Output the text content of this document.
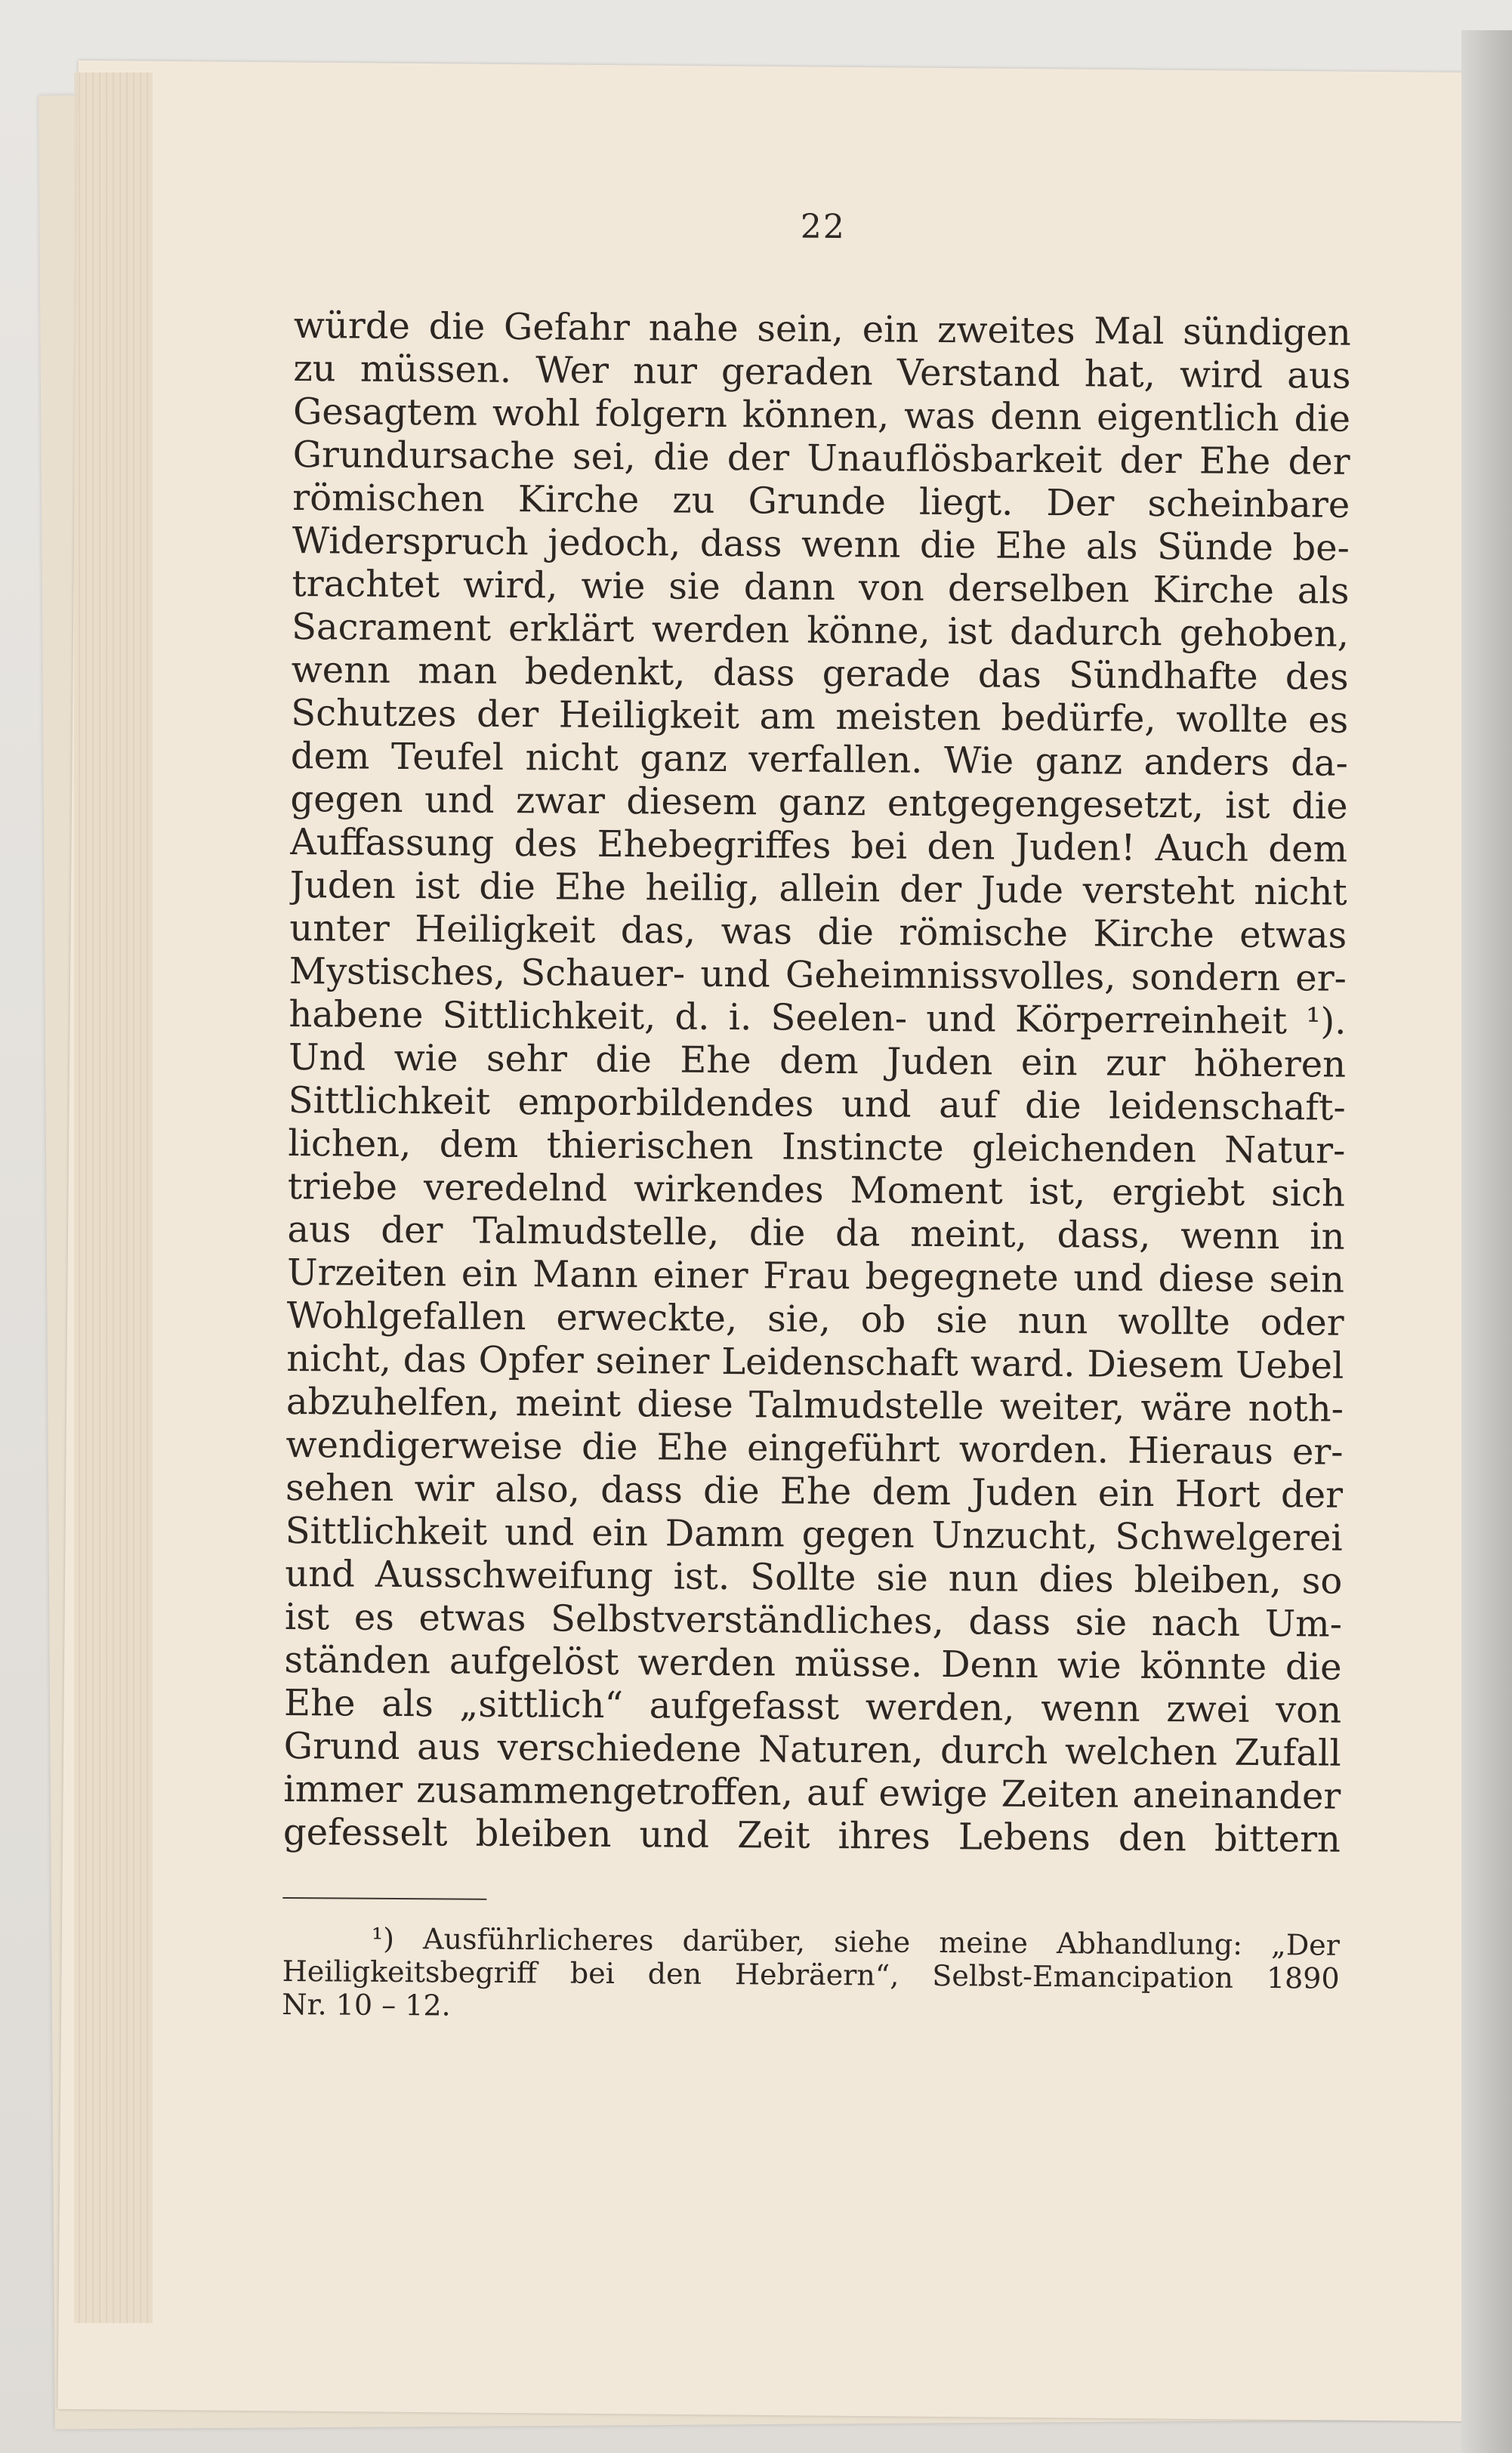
22
würde die Gefahr nahe sein, ein zweites Mal sündigen
zu müssen. Wer nur geraden Verstand hat, wird aus
Gesagtem wohl folgern können, was denn eigentlich die
Grundursache sei, die der Unauflösbarkeit der Ehe der
römischen Kirche zu Grunde liegt. Der scheinbare
Widerspruch jedoch, dass wenn die Ehe als Sünde be-
trachtet wird, wie sie dann von derselben Kirche als
Sacrament erklärt werden könne, ist dadurch gehoben,
wenn man bedenkt, dass gerade das Sündhafte des
Schutzes der Heiligkeit am meisten bedürfe, wollte es
dem Teufel nicht ganz verfallen. Wie ganz anders da-
gegen und zwar diesem ganz entgegengesetzt, ist die
Auffassung des Ehebegriffes bei den Juden! Auch dem
Juden ist die Ehe heilig, allein der Jude versteht nicht
unter Heiligkeit das, was die römische Kirche etwas
Mystisches, Schauer- und Geheimnissvolles, sondern er-
habene Sittlichkeit, d. i. Seelen- und Körperreinheit ¹).
Und wie sehr die Ehe dem Juden ein zur höheren
Sittlichkeit emporbildendes und auf die leidenschaft-
lichen, dem thierischen Instincte gleichenden Natur-
triebe veredelnd wirkendes Moment ist, ergiebt sich
aus der Talmudstelle, die da meint, dass, wenn in
Urzeiten ein Mann einer Frau begegnete und diese sein
Wohlgefallen erweckte, sie, ob sie nun wollte oder
nicht, das Opfer seiner Leidenschaft ward. Diesem Uebel
abzuhelfen, meint diese Talmudstelle weiter, wäre noth-
wendigerweise die Ehe eingeführt worden. Hieraus er-
sehen wir also, dass die Ehe dem Juden ein Hort der
Sittlichkeit und ein Damm gegen Unzucht, Schwelgerei
und Ausschweifung ist. Sollte sie nun dies bleiben, so
ist es etwas Selbstverständliches, dass sie nach Um-
ständen aufgelöst werden müsse. Denn wie könnte die
Ehe als „sittlich“ aufgefasst werden, wenn zwei von
Grund aus verschiedene Naturen, durch welchen Zufall
immer zusammengetroffen, auf ewige Zeiten aneinander
gefesselt bleiben und Zeit ihres Lebens den bittern
¹) Ausführlicheres darüber, siehe meine Abhandlung: „Der
Heiligkeitsbegriff bei den Hebräern“, Selbst-Emancipation 1890
Nr. 10 – 12.
